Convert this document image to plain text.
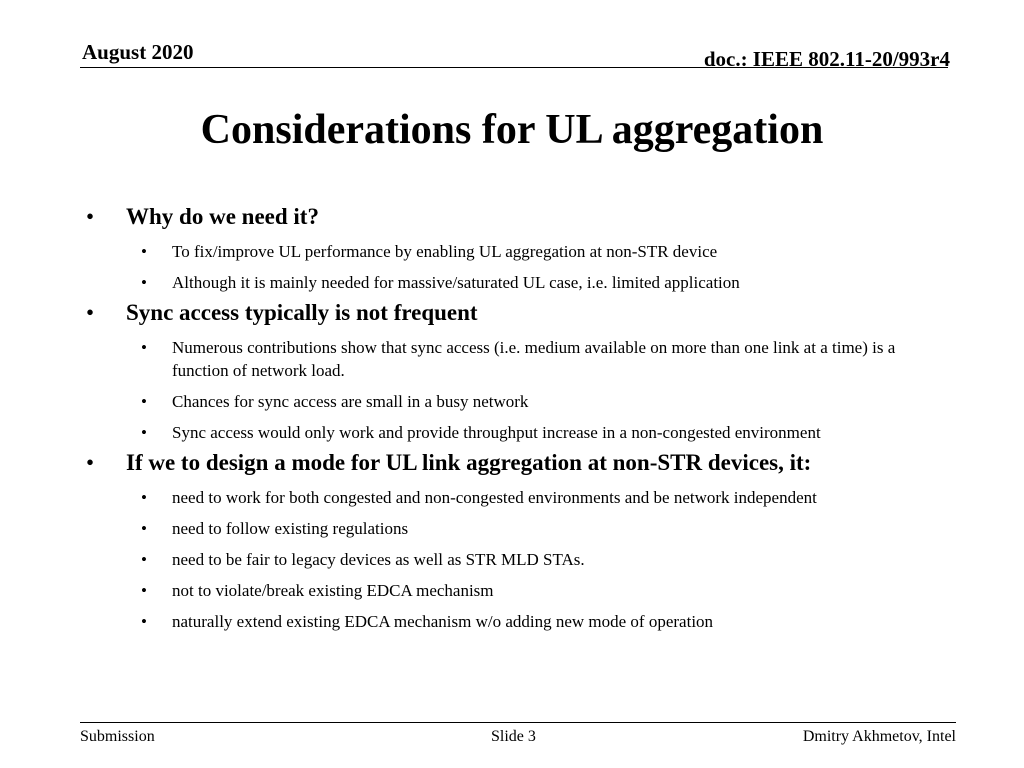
August 2020	doc.: IEEE 802.11-20/993r4
Considerations for UL aggregation
• Why do we need it?
• To fix/improve UL performance by enabling UL aggregation at non-STR device
• Although it is mainly needed for massive/saturated UL case, i.e. limited application
• Sync access typically is not frequent
• Numerous contributions show that sync access (i.e. medium available on more than one link at a time) is a function of network load.
• Chances for sync access are small in a busy network
• Sync access would only work and provide throughput increase in a non-congested environment
• If we to design a mode for UL link aggregation at non-STR devices, it:
• need to work for both congested and non-congested environments and be network independent
• need to follow existing regulations
• need to be fair to legacy devices as well as STR MLD STAs.
• not to violate/break existing EDCA mechanism
• naturally extend existing EDCA mechanism w/o adding new mode of operation
Submission	Slide 3	Dmitry Akhmetov, Intel
